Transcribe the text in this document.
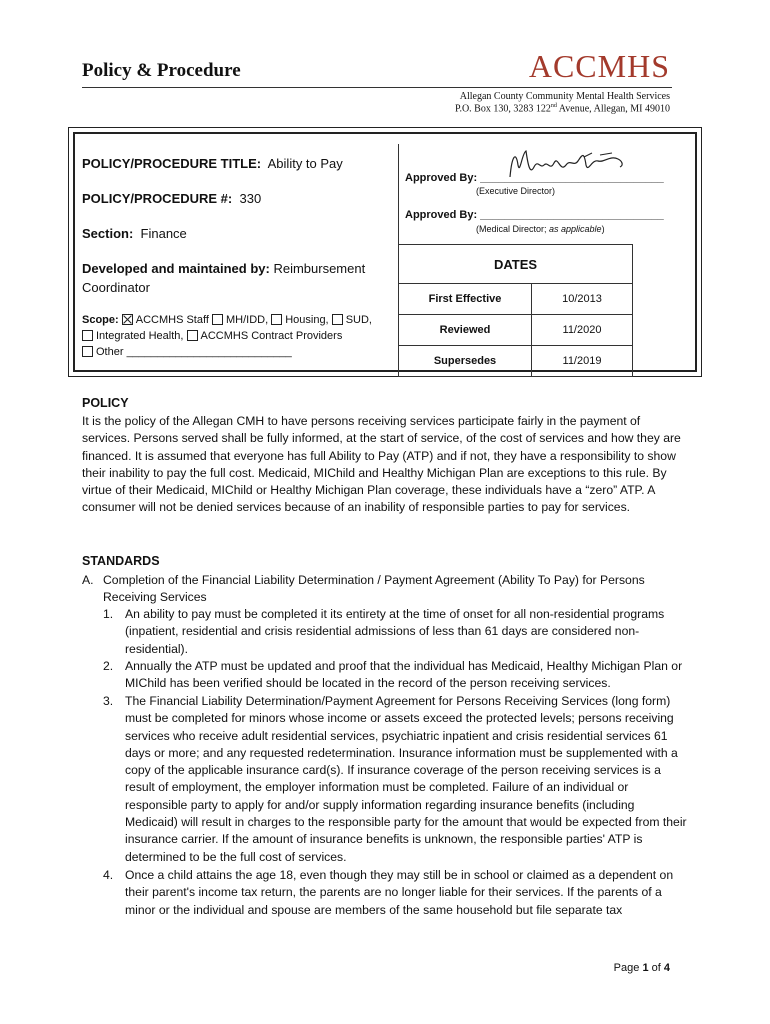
Policy & Procedure	ACCMHS
Allegan County Community Mental Health Services
P.O. Box 130, 3283 122nd Avenue, Allegan, MI 49010
POLICY/PROCEDURE TITLE: Ability to Pay
POLICY/PROCEDURE #: 330
Section: Finance
Developed and maintained by: Reimbursement Coordinator
Scope: ACCMHS Staff MH/IDD, Housing, SUD,
Integrated Health, ACCMHS Contract Providers
Other ___________________________
Approved By: ______________________________
(Executive Director)
Approved By: ______________________________
(Medical Director; as applicable)
DATES	
First Effective	10/2013
Reviewed	11/2020
Supersedes	11/2019
POLICY
It is the policy of the Allegan CMH to have persons receiving services participate fairly in the payment of services. Persons served shall be fully informed, at the start of service, of the cost of services and how they are financed. It is assumed that everyone has full Ability to Pay (ATP) and if not, they have a responsibility to show their inability to pay the full cost. Medicaid, MIChild and Healthy Michigan Plan are exceptions to this rule. By virtue of their Medicaid, MIChild or Healthy Michigan Plan coverage, these individuals have a “zero” ATP. A consumer will not be denied services because of an inability of responsible parties to pay for services.
STANDARDS
A. Completion of the Financial Liability Determination / Payment Agreement (Ability To Pay) for Persons Receiving Services
1. An ability to pay must be completed it its entirety at the time of onset for all non-residential programs (inpatient, residential and crisis residential admissions of less than 61 days are considered non-residential).
2. Annually the ATP must be updated and proof that the individual has Medicaid, Healthy Michigan Plan or MIChild has been verified should be located in the record of the person receiving services.
3. The Financial Liability Determination/Payment Agreement for Persons Receiving Services (long form) must be completed for minors whose income or assets exceed the protected levels; persons receiving services who receive adult residential services, psychiatric inpatient and crisis residential services 61 days or more; and any requested redetermination. Insurance information must be supplemented with a copy of the applicable insurance card(s). If insurance coverage of the person receiving services is a result of employment, the employer information must be completed. Failure of an individual or responsible party to apply for and/or supply information regarding insurance benefits (including Medicaid) will result in charges to the responsible party for the amount that would be expected from their insurance carrier. If the amount of insurance benefits is unknown, the responsible parties' ATP is determined to be the full cost of services.
4. Once a child attains the age 18, even though they may still be in school or claimed as a dependent on their parent's income tax return, the parents are no longer liable for their services. If the parents of a minor or the individual and spouse are members of the same household but file separate tax
Page 1 of 4
